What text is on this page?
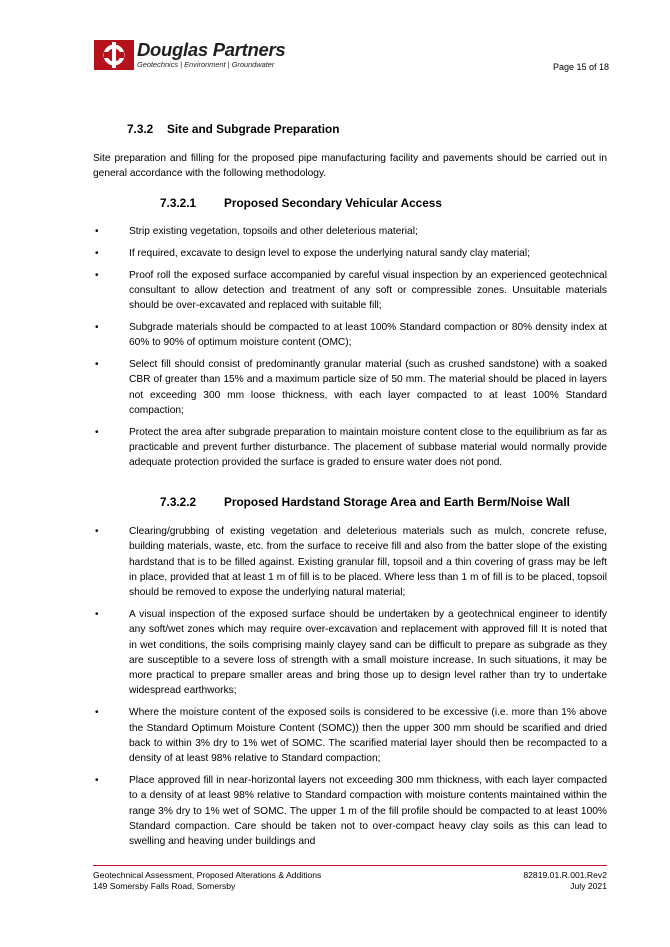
Douglas Partners
Geotechnics | Environment | Groundwater	Page 15 of 18
7.3.2 Site and Subgrade Preparation
Site preparation and filling for the proposed pipe manufacturing facility and pavements should be carried out in general accordance with the following methodology.
7.3.2.1 Proposed Secondary Vehicular Access
•	Strip existing vegetation, topsoils and other deleterious material;
•	If required, excavate to design level to expose the underlying natural sandy clay material;
•	Proof roll the exposed surface accompanied by careful visual inspection by an experienced geotechnical consultant to allow detection and treatment of any soft or compressible zones. Unsuitable materials should be over-excavated and replaced with suitable fill;
•	Subgrade materials should be compacted to at least 100% Standard compaction or 80% density index at 60% to 90% of optimum moisture content (OMC);
•	Select fill should consist of predominantly granular material (such as crushed sandstone) with a soaked CBR of greater than 15% and a maximum particle size of 50 mm. The material should be placed in layers not exceeding 300 mm loose thickness, with each layer compacted to at least 100% Standard compaction;
•	Protect the area after subgrade preparation to maintain moisture content close to the equilibrium as far as practicable and prevent further disturbance. The placement of subbase material would normally provide adequate protection provided the surface is graded to ensure water does not pond.
7.3.2.2 Proposed Hardstand Storage Area and Earth Berm/Noise Wall
•	Clearing/grubbing of existing vegetation and deleterious materials such as mulch, concrete refuse, building materials, waste, etc. from the surface to receive fill and also from the batter slope of the existing hardstand that is to be filled against. Existing granular fill, topsoil and a thin covering of grass may be left in place, provided that at least 1 m of fill is to be placed. Where less than 1 m of fill is to be placed, topsoil should be removed to expose the underlying natural material;
•	A visual inspection of the exposed surface should be undertaken by a geotechnical engineer to identify any soft/wet zones which may require over-excavation and replacement with approved fill It is noted that in wet conditions, the soils comprising mainly clayey sand can be difficult to prepare as subgrade as they are susceptible to a severe loss of strength with a small moisture increase. In such situations, it may be more practical to prepare smaller areas and bring those up to design level rather than try to undertake widespread earthworks;
•	Where the moisture content of the exposed soils is considered to be excessive (i.e. more than 1% above the Standard Optimum Moisture Content (SOMC)) then the upper 300 mm should be scarified and dried back to within 3% dry to 1% wet of SOMC. The scarified material layer should then be recompacted to a density of at least 98% relative to Standard compaction;
•	Place approved fill in near-horizontal layers not exceeding 300 mm thickness, with each layer compacted to a density of at least 98% relative to Standard compaction with moisture contents maintained within the range 3% dry to 1% wet of SOMC. The upper 1 m of the fill profile should be compacted to at least 100% Standard compaction. Care should be taken not to over-compact heavy clay soils as this can lead to swelling and heaving under buildings and
Geotechnical Assessment, Proposed Alterations & Additions
149 Somersby Falls Road, Somersby
82819.01.R.001.Rev2
July 2021
